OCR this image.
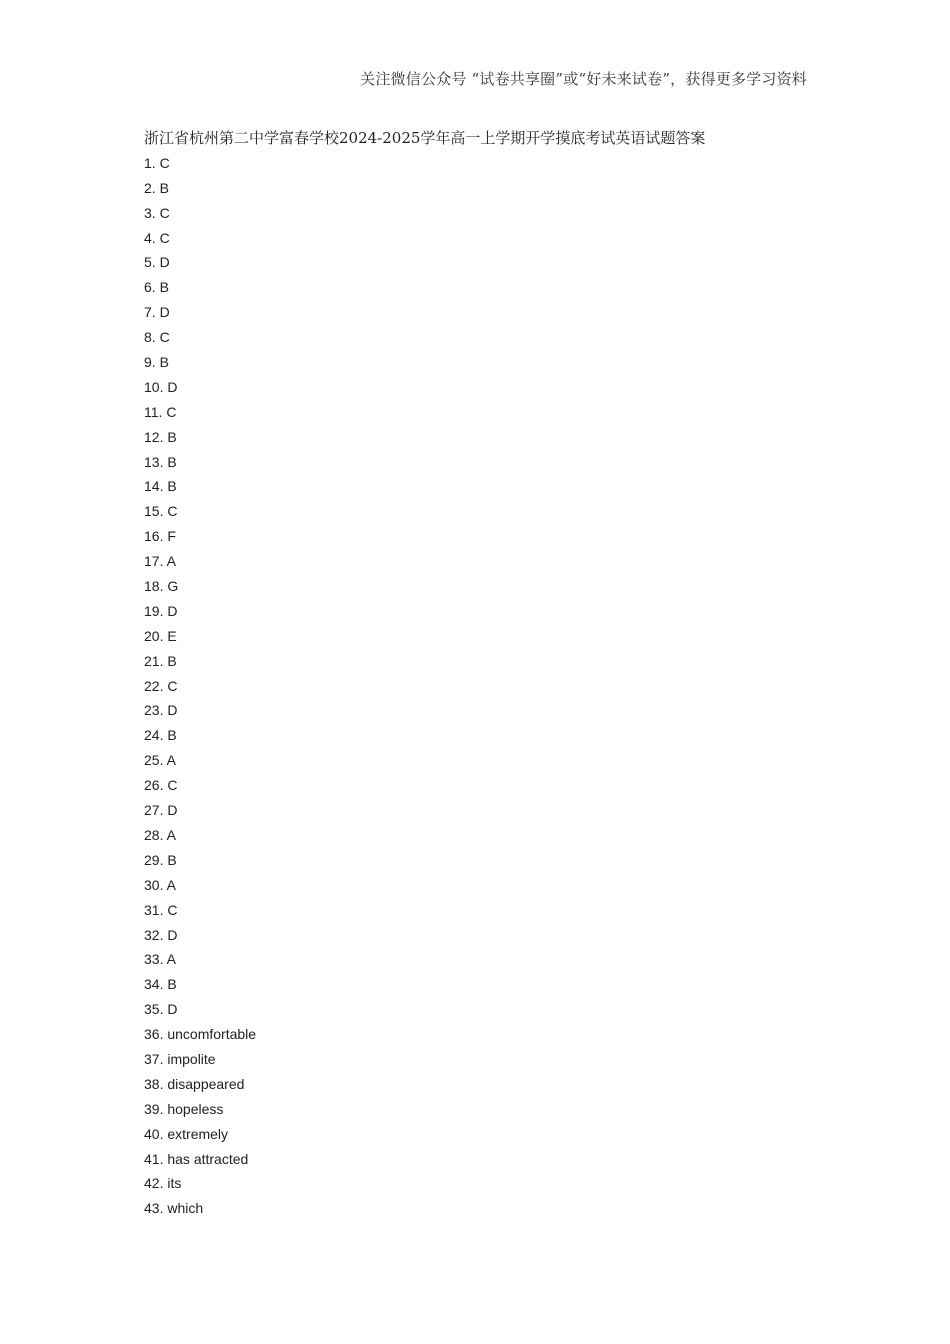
关注微信公众号 “试卷共享圈”或“好未来试卷”，获得更多学习资料
浙江省杭州第二中学富春学校2024-2025学年高一上学期开学摸底考试英语试题答案
1. C
2. B
3. C
4. C
5. D
6. B
7. D
8. C
9. B
10. D
11. C
12. B
13. B
14. B
15. C
16. F
17. A
18. G
19. D
20. E
21. B
22. C
23. D
24. B
25. A
26. C
27. D
28. A
29. B
30. A
31. C
32. D
33. A
34. B
35. D
36. uncomfortable
37. impolite
38. disappeared
39. hopeless
40. extremely
41. has attracted
42. its
43. which
